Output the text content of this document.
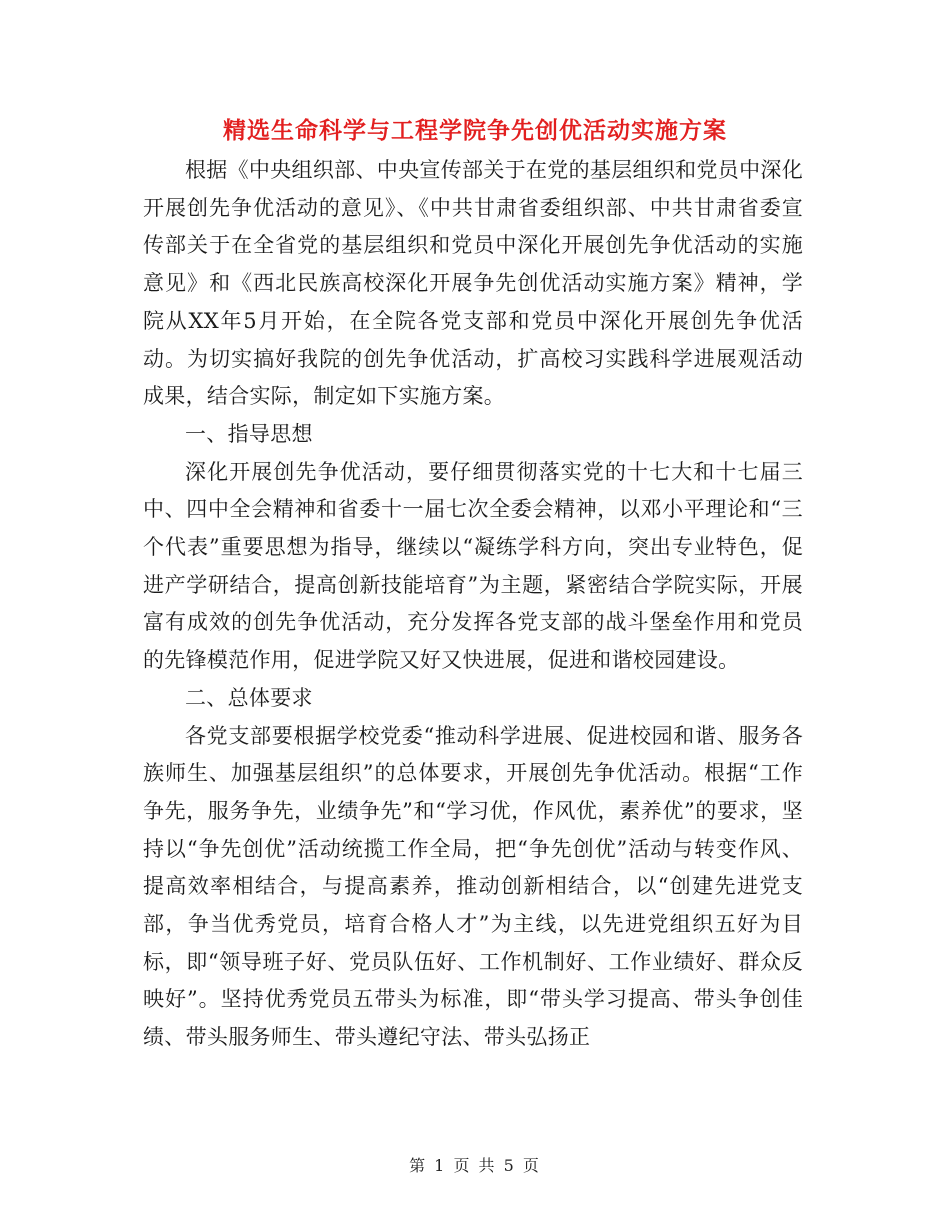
精选生命科学与工程学院争先创优活动实施方案

根据《中央组织部、中央宣传部关于在党的基层组织和党员中深化开展创先争优活动的意见》、《中共甘肃省委组织部、中共甘肃省委宣传部关于在全省党的基层组织和党员中深化开展创先争优活动的实施意见》和《西北民族高校深化开展争先创优活动实施方案》精神，学院从XX年5月开始，在全院各党支部和党员中深化开展创先争优活动。为切实搞好我院的创先争优活动，扩高校习实践科学进展观活动成果，结合实际，制定如下实施方案。

一、指导思想

深化开展创先争优活动，要仔细贯彻落实党的十七大和十七届三中、四中全会精神和省委十一届七次全委会精神，以邓小平理论和“三个代表”重要思想为指导，继续以“凝练学科方向，突出专业特色，促进产学研结合，提高创新技能培育”为主题，紧密结合学院实际，开展富有成效的创先争优活动，充分发挥各党支部的战斗堡垒作用和党员的先锋模范作用，促进学院又好又快进展，促进和谐校园建设。

二、总体要求

各党支部要根据学校党委“推动科学进展、促进校园和谐、服务各族师生、加强基层组织”的总体要求，开展创先争优活动。根据“工作争先，服务争先，业绩争先”和“学习优，作风优，素养优”的要求，坚持以“争先创优”活动统揽工作全局，把“争先创优”活动与转变作风、提高效率相结合，与提高素养，推动创新相结合，以“创建先进党支部，争当优秀党员，培育合格人才”为主线，以先进党组织五好为目标，即“领导班子好、党员队伍好、工作机制好、工作业绩好、群众反映好”。坚持优秀党员五带头为标准，即“带头学习提高、带头争创佳绩、带头服务师生、带头遵纪守法、带头弘扬正

第 1 页 共 5 页
